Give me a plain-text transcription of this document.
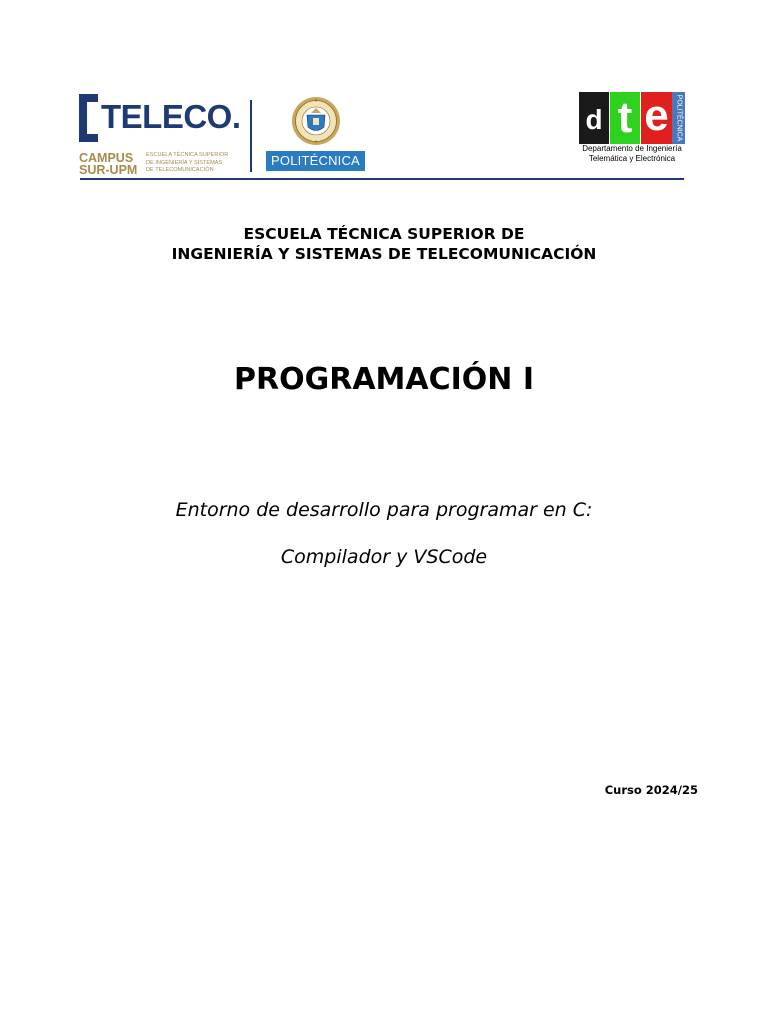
TELECO.
CAMPUS
SUR-UPM
ESCUELA TÉCNICA SUPERIOR
DE INGENIERÍA Y SISTEMAS
DE TELECOMUNICACIÓN
POLITÉCNICA
d t e POLITÉCNICA
Departamento de Ingeniería
Telemática y Electrónica
ESCUELA TÉCNICA SUPERIOR DE
INGENIERÍA Y SISTEMAS DE TELECOMUNICACIÓN
PROGRAMACIÓN I
Entorno de desarrollo para programar en C:
Compilador y VSCode
Curso 2024/25
